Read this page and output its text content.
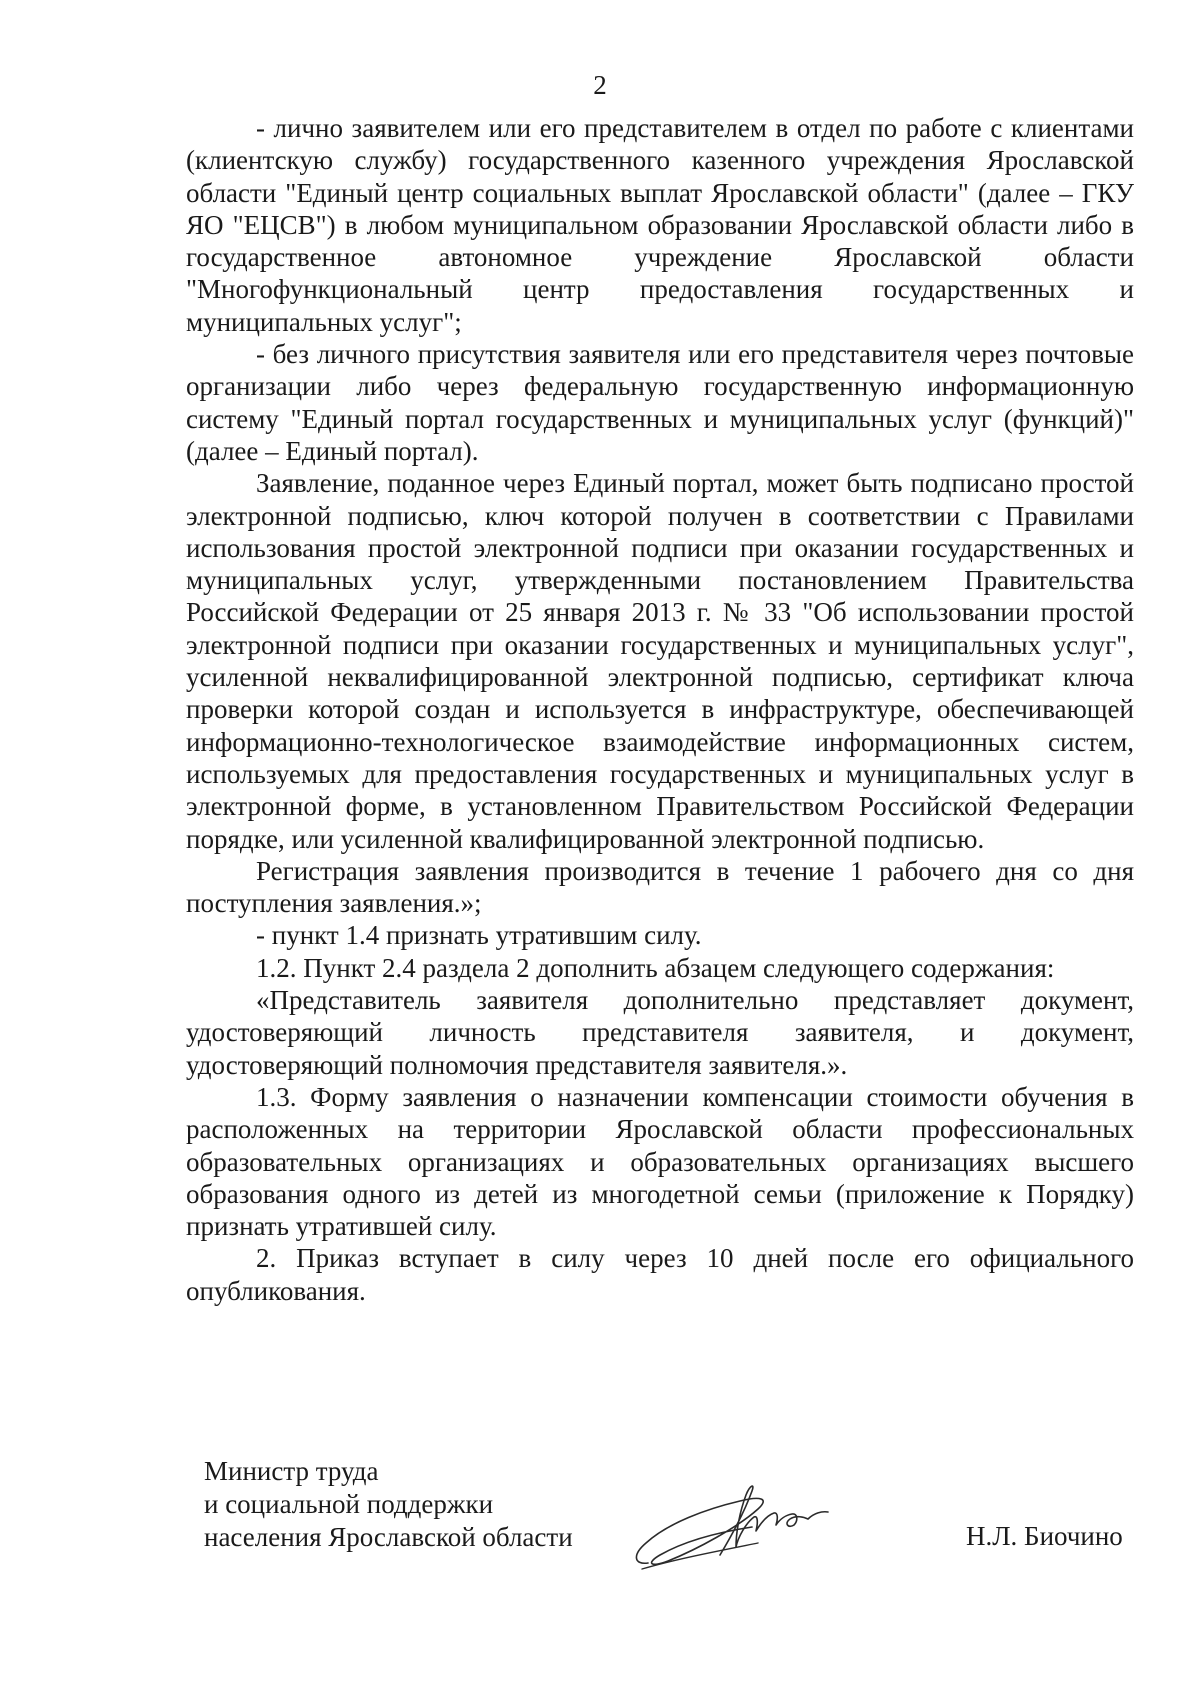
2

- лично заявителем или его представителем в отдел по работе с клиентами (клиентскую службу) государственного казенного учреждения Ярославской области "Единый центр социальных выплат Ярославской области" (далее – ГКУ ЯО "ЕЦСВ") в любом муниципальном образовании Ярославской области либо в государственное автономное учреждение Ярославской области "Многофункциональный центр предоставления государственных и муниципальных услуг";

- без личного присутствия заявителя или его представителя через почтовые организации либо через федеральную государственную информационную систему "Единый портал государственных и муниципальных услуг (функций)" (далее – Единый портал).

Заявление, поданное через Единый портал, может быть подписано простой электронной подписью, ключ которой получен в соответствии с Правилами использования простой электронной подписи при оказании государственных и муниципальных услуг, утвержденными постановлением Правительства Российской Федерации от 25 января 2013 г. № 33 "Об использовании простой электронной подписи при оказании государственных и муниципальных услуг", усиленной неквалифицированной электронной подписью, сертификат ключа проверки которой создан и используется в инфраструктуре, обеспечивающей информационно-технологическое взаимодействие информационных систем, используемых для предоставления государственных и муниципальных услуг в электронной форме, в установленном Правительством Российской Федерации порядке, или усиленной квалифицированной электронной подписью.

Регистрация заявления производится в течение 1 рабочего дня со дня поступления заявления.»;

- пункт 1.4 признать утратившим силу.

1.2. Пункт 2.4 раздела 2 дополнить абзацем следующего содержания:

«Представитель заявителя дополнительно представляет документ, удостоверяющий личность представителя заявителя, и документ, удостоверяющий полномочия представителя заявителя.».

1.3. Форму заявления о назначении компенсации стоимости обучения в расположенных на территории Ярославской области профессиональных образовательных организациях и образовательных организациях высшего образования одного из детей из многодетной семьи (приложение к Порядку) признать утратившей силу.

2. Приказ вступает в силу через 10 дней после его официального опубликования.

Министр труда
и социальной поддержки
населения Ярославской области	Н.Л. Биочино
